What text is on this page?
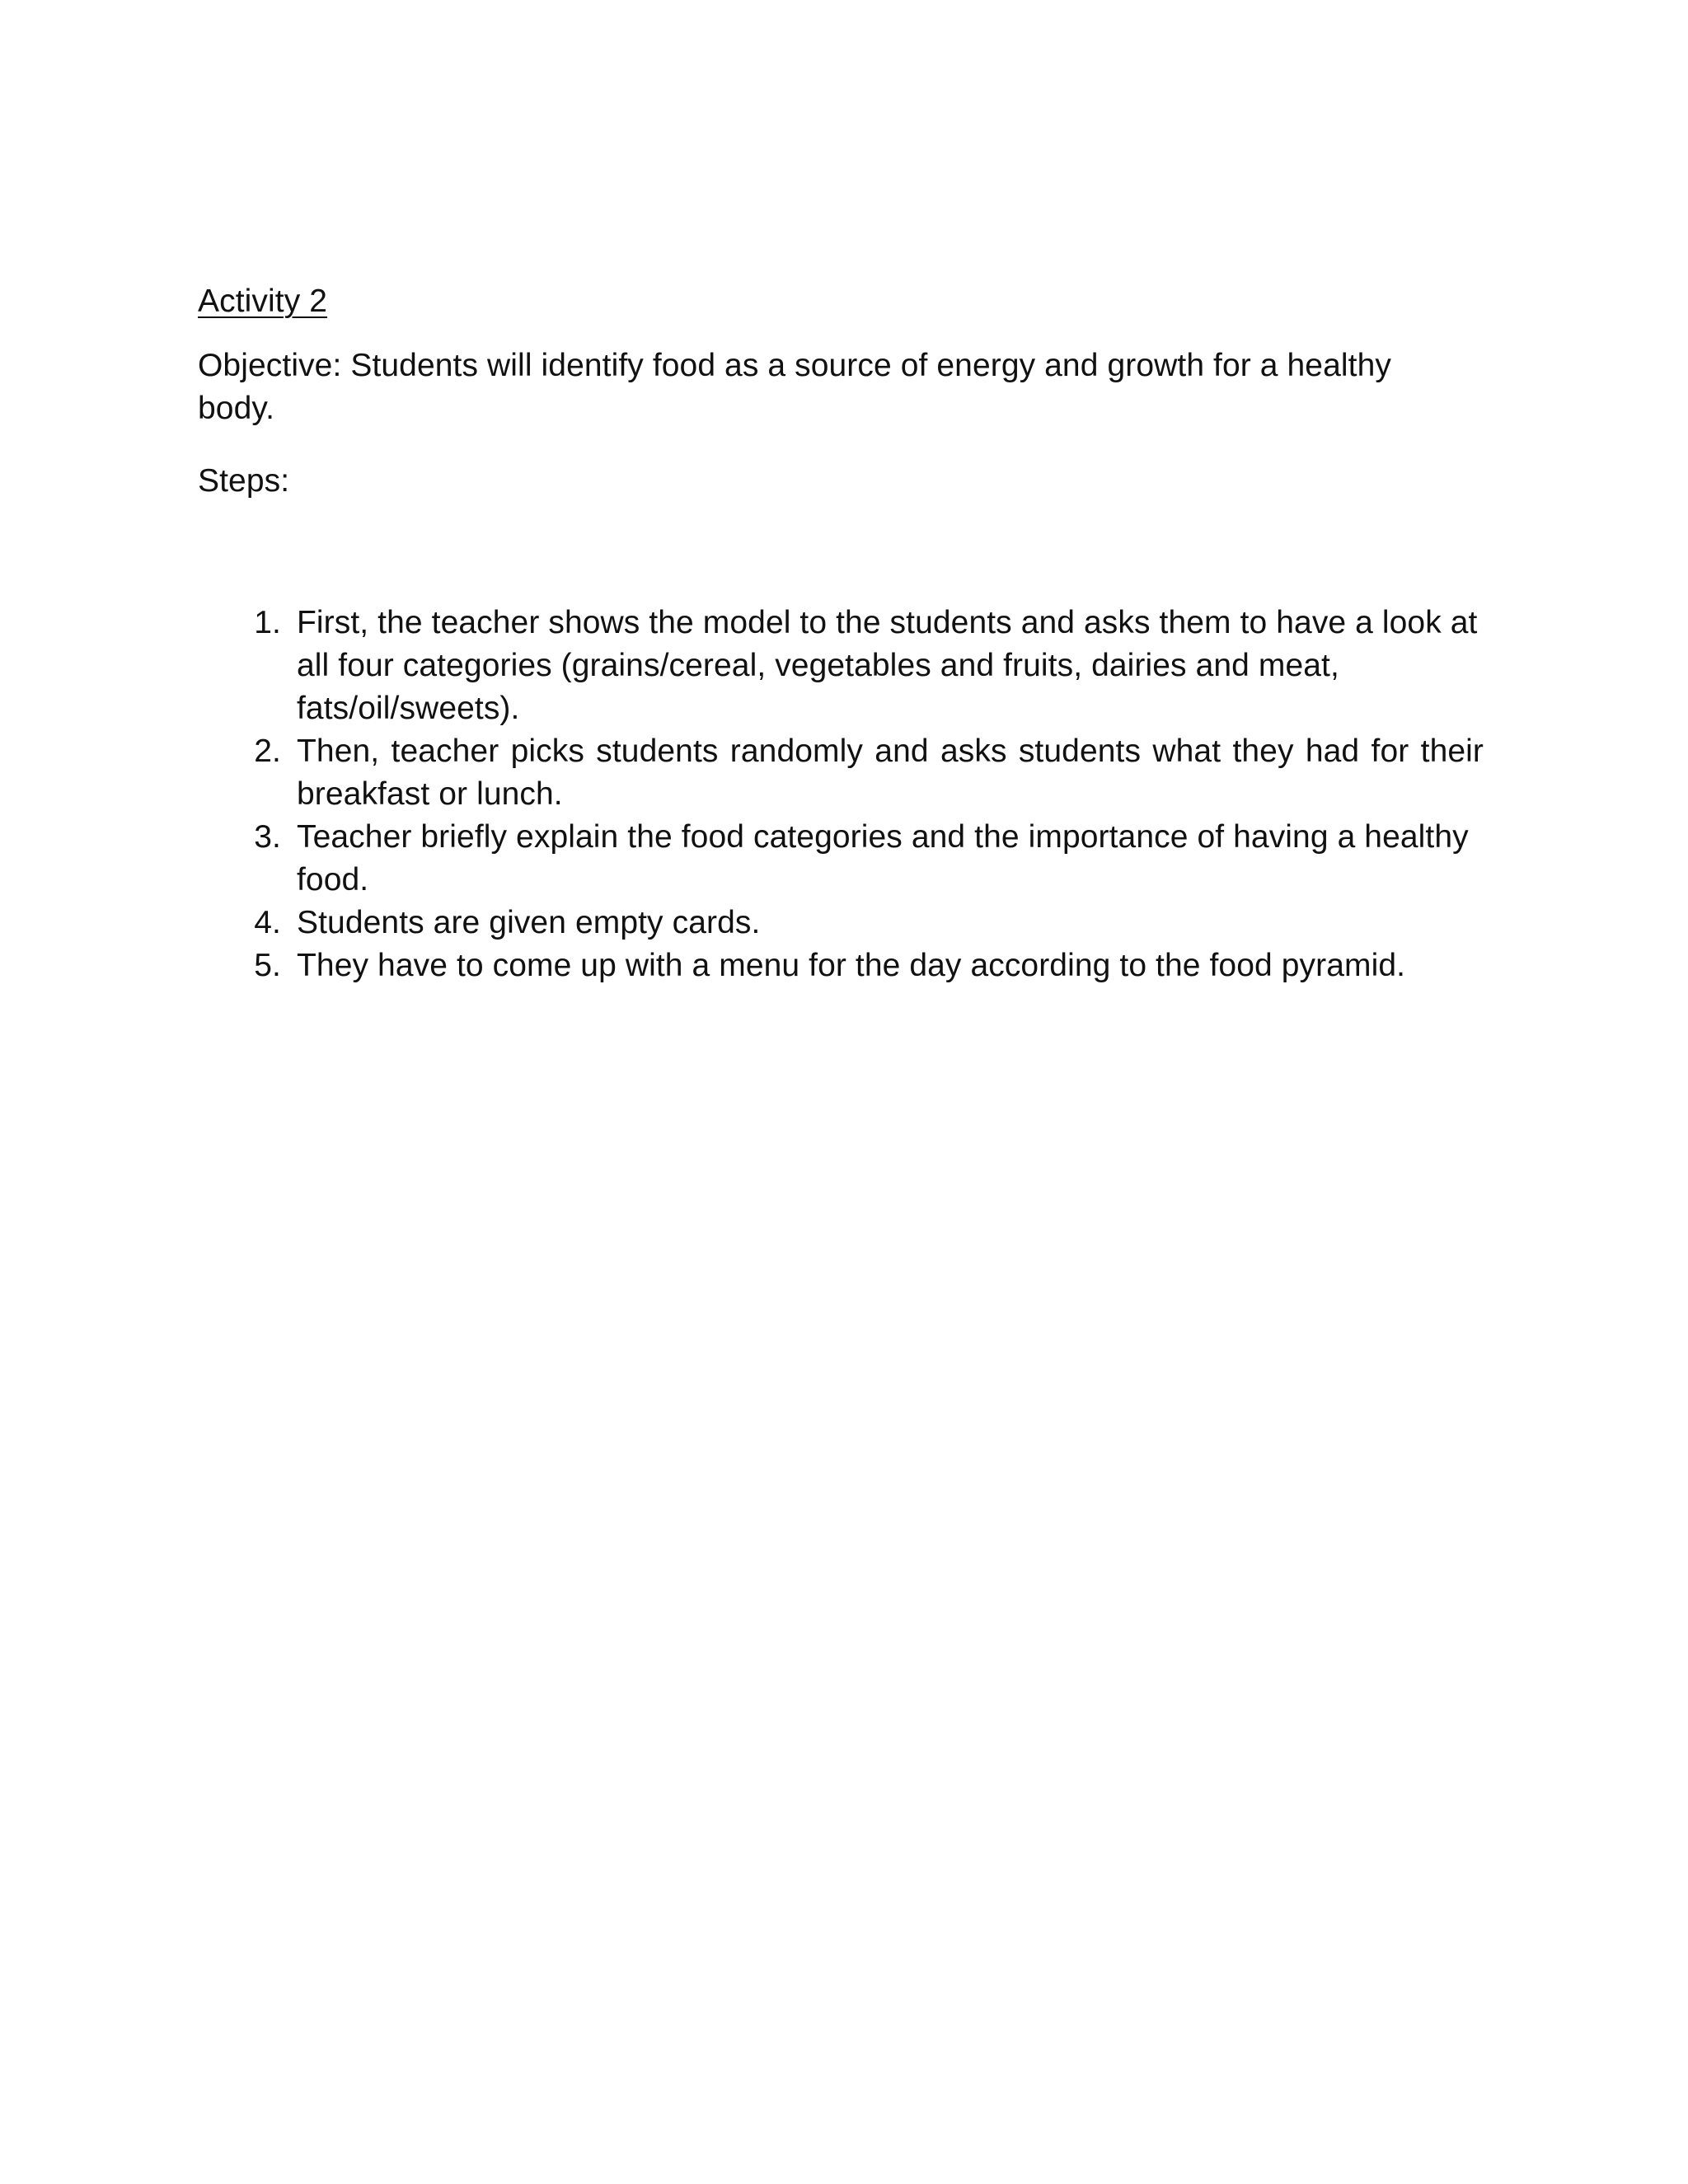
Activity 2

Objective: Students will identify food as a source of energy and growth for a healthy body.

Steps:

1. First, the teacher shows the model to the students and asks them to have a look at all four categories (grains/cereal, vegetables and fruits, dairies and meat, fats/oil/sweets).
2. Then, teacher picks students randomly and asks students what they had for their breakfast or lunch.
3. Teacher briefly explain the food categories and the importance of having a healthy food.
4. Students are given empty cards.
5. They have to come up with a menu for the day according to the food pyramid.
